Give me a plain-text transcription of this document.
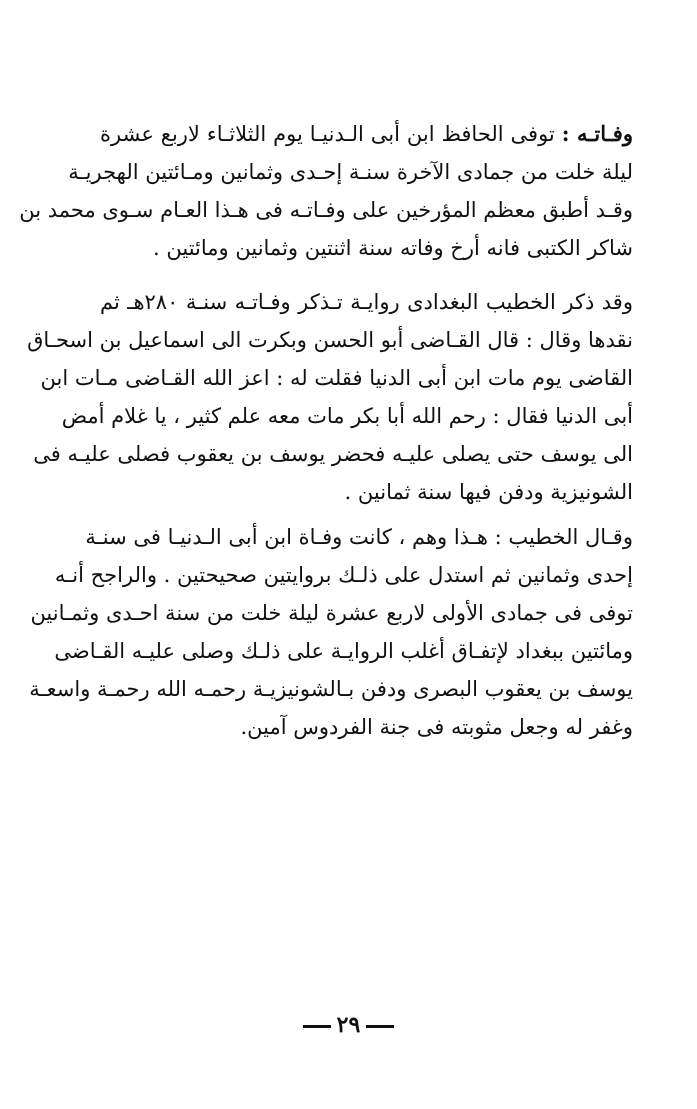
وفـاتـه : توفى الحافظ ابن أبى الـدنيـا يوم الثلاثـاء لاربع عشرة
ليلة خلت من جمادى الآخرة سنـة إحـدى وثمانين ومـائتين الهجريـة
وقـد أطبق معظم المؤرخين على وفـاتـه فى هـذا العـام سـوى محمد بن
شاكر الكتبى فانه أرخ وفاته سنة اثنتين وثمانين ومائتين .
وقد ذكر الخطيب البغدادى روايـة تـذكر وفـاتـه سنـة ٢٨٠هـ ثم
نقدها وقال : قال القـاضى أبو الحسن وبكرت الى اسماعيل بن اسحـاق
القاضى يوم مات ابن أبى الدنيا فقلت له : اعز الله القـاضى مـات ابن
أبى الدنيا فقال : رحم الله أبا بكر مات معه علم كثير ، يا غلام أمض
الى يوسف حتى يصلى عليـه فحضر يوسف بن يعقوب فصلى عليـه فى
الشونيزية ودفن فيها سنة ثمانين .
وقـال الخطيب : هـذا وهم ، كانت وفـاة ابن أبى الـدنيـا فى سنـة
إحدى وثمانين ثم استدل على ذلـك بروايتين صحيحتين . والراجح أنـه
توفى فى جمادى الأولى لاربع عشرة ليلة خلت من سنة احـدى وثمـانين
ومائتين ببغداد لإتفـاق أغلب الروايـة على ذلـك وصلى عليـه القـاضى
يوسف بن يعقوب البصرى ودفن بـالشونيزيـة رحمـه الله رحمـة واسعـة
وغفر له وجعل مثوبته فى جنة الفردوس آمين.
٢٩
